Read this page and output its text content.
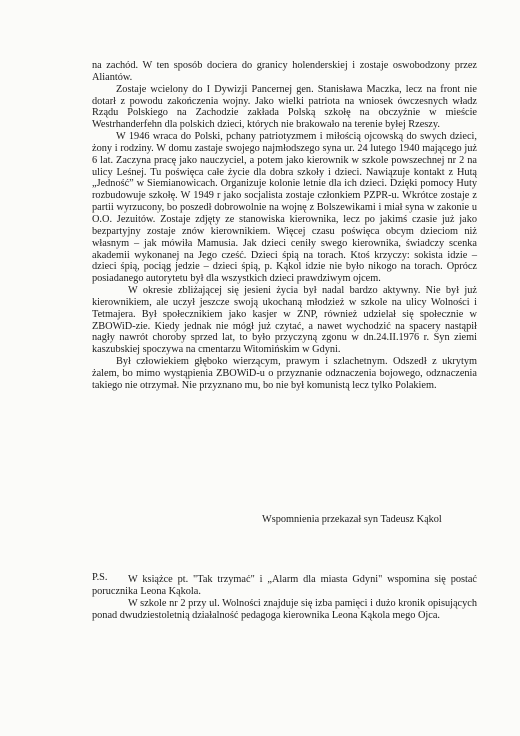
na zachód. W ten sposób dociera do granicy holenderskiej i zostaje oswobodzony przez Aliantów.

Zostaje wcielony do I Dywizji Pancernej gen. Stanisława Maczka, lecz na front nie dotarł z powodu zakończenia wojny. Jako wielki patriota na wniosek ówczesnych władz Rządu Polskiego na Zachodzie zakłada Polską szkołę na obczyźnie w mieście Westrhanderfehn dla polskich dzieci, których nie brakowało na terenie byłej Rzeszy.

W 1946 wraca do Polski, pchany patriotyzmem i miłością ojcowską do swych dzieci, żony i rodziny. W domu zastaje swojego najmłodszego syna ur. 24 lutego 1940 mającego już 6 lat. Zaczyna pracę jako nauczyciel, a potem jako kierownik w szkole powszechnej nr 2 na ulicy Leśnej. Tu poświęca całe życie dla dobra szkoły i dzieci. Nawiązuje kontakt z Hutą „Jedność” w Siemianowicach. Organizuje kolonie letnie dla ich dzieci. Dzięki pomocy Huty rozbudowuje szkołę. W 1949 r jako socjalista zostaje członkiem PZPR-u. Wkrótce zostaje z partii wyrzucony, bo poszedł dobrowolnie na wojnę z Bolszewikami i miał syna w zakonie u O.O. Jezuitów. Zostaje zdjęty ze stanowiska kierownika, lecz po jakimś czasie już jako bezpartyjny zostaje znów kierownikiem. Więcej czasu poświęca obcym dzieciom niż własnym – jak mówiła Mamusia. Jak dzieci ceniły swego kierownika, świadczy scenka akademii wykonanej na Jego cześć. Dzieci śpią na torach. Ktoś krzyczy: sokista idzie – dzieci śpią, pociąg jedzie – dzieci śpią, p. Kąkol idzie nie było nikogo na torach. Oprócz posiadanego autorytetu był dla wszystkich dzieci prawdziwym ojcem.

W okresie zbliżającej się jesieni życia był nadal bardzo aktywny. Nie był już kierownikiem, ale uczył jeszcze swoją ukochaną młodzież w szkole na ulicy Wolności i Tetmajera. Był społecznikiem jako kasjer w ZNP, również udzielał się społecznie w ZBOWiD-zie. Kiedy jednak nie mógł już czytać, a nawet wychodzić na spacery nastąpił nagły nawrót choroby sprzed lat, to było przyczyną zgonu w dn.24.II.1976 r. Syn ziemi kaszubskiej spoczywa na cmentarzu Witomińskim w Gdyni.

Był człowiekiem głęboko wierzącym, prawym i szlachetnym. Odszedł z ukrytym żalem, bo mimo wystąpienia ZBOWiD-u o przyznanie odznaczenia bojowego, odznaczenia takiego nie otrzymał. Nie przyznano mu, bo nie był komunistą lecz tylko Polakiem.

Wspomnienia przekazał syn Tadeusz Kąkol
P.S.	W książce pt. "Tak trzymać" i „Alarm dla miasta Gdyni" wspomina się postać porucznika Leona Kąkola.

W szkole nr 2 przy ul. Wolności znajduje się izba pamięci i dużo kronik opisujących ponad dwudziestoletnią działalność pedagoga kierownika Leona Kąkola mego Ojca.
